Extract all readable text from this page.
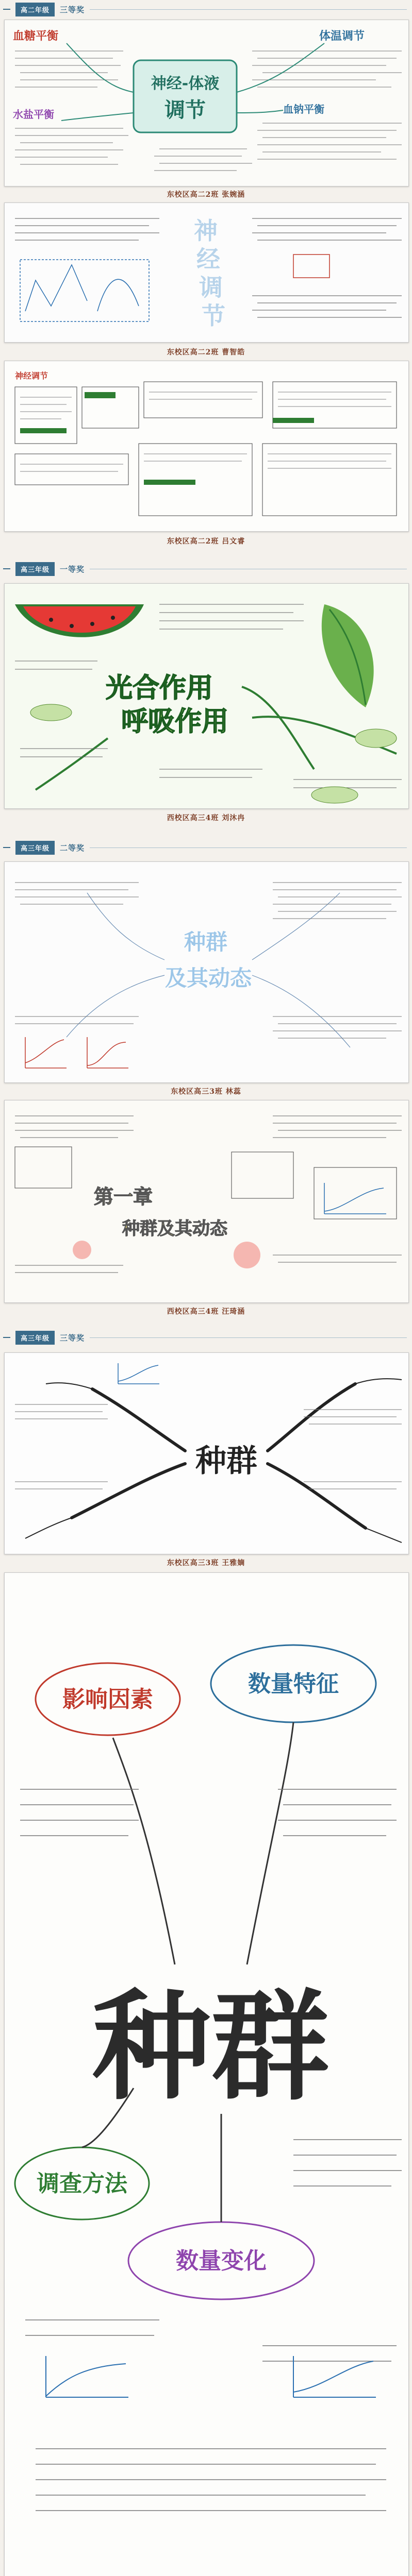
高二年级	三等奖
神经-体液
调节
血糖平衡	体温调节
水盐平衡	血钠平衡
东校区高二2班 张婉涵
神
经
调
节
东校区高二2班 曹智皓
神经调节
东校区高二2班 吕文睿
高三年级	一等奖
光合作用
呼吸作用
西校区高三4班 刘沐冉
高三年级	二等奖
种群
及其动态
东校区高三3班 林蕊
第一章
种群及其动态
西校区高三4班 汪琦涵
高三年级	三等奖
种群
东校区高三3班 王雅嫡
种群
影响因素
数量特征
数量变化
调查方法
